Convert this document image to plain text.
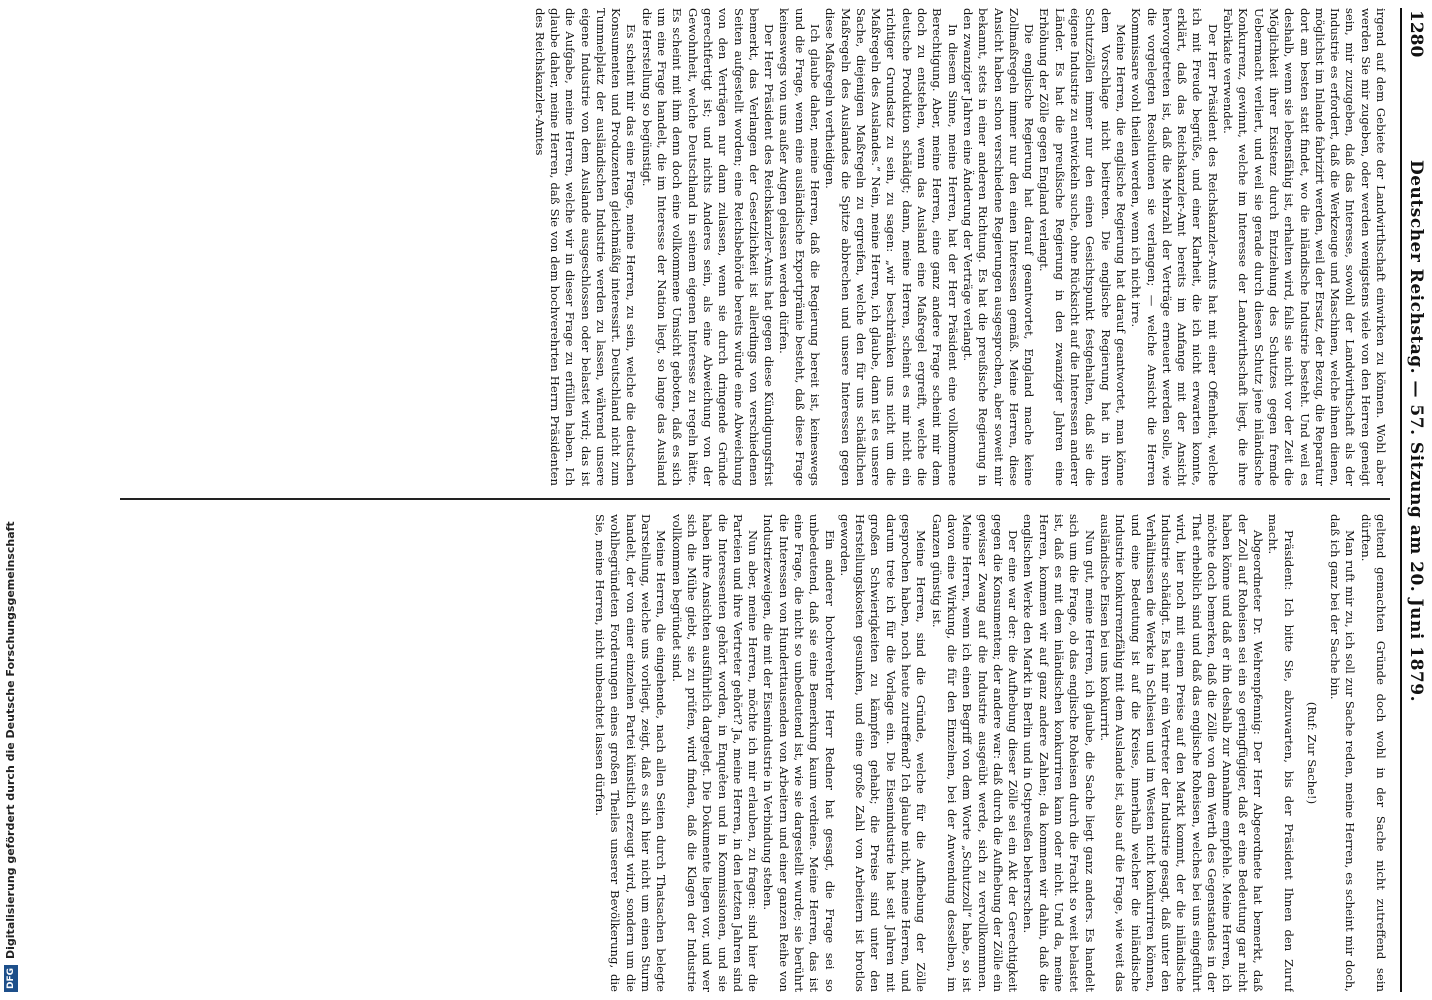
1280
Deutscher Reichstag. — 57. Sitzung am 20. Juni 1879.

irgend auf dem Gebiete der Landwirthschaft einwirken zu können. Wohl aber werden Sie mir zugeben, oder werden wenigstens viele von den Herren geneigt sein, mir zuzugeben, daß das Interesse, sowohl der Landwirthschaft als der Industrie es erfordert, daß die Werkzeuge und Maschinen, welche ihnen dienen, möglichst im Inlande fabrizirt werden, weil der Ersatz, der Bezug, die Reparatur dort am besten statt findet, wo die inländische Industrie besteht. Und weil es deshalb, wenn sie lebensfähig ist, erhalten wird, falls sie nicht vor der Zeit die Möglichkeit ihrer Existenz durch Entziehung des Schutzes gegen fremde Uebermacht verliert, und weil sie gerade durch diesen Schutz jene inländische Konkurrenz, gewinnt, welche im Interesse der Landwirthschaft liegt, die ihre Fabrikate verwendet.

Der Herr Präsident des Reichskanzler-Amts hat mit einer Offenheit, welche ich mit Freude begrüße, und einer Klarheit, die ich nicht erwarten konnte, erklärt, daß das Reichskanzler-Amt bereits im Anfange mit der Ansicht hervorgetreten ist, daß die Mehrzahl der Verträge erneuert werden solle, wie die vorgelegten Resolutionen sie verlangen; — welche Ansicht die Herren Kommissare wohl theilen werden, wenn ich nicht irre.

Meine Herren, die englische Regierung hat darauf geantwortet, man könne dem Vorschlage nicht beitreten. Die englische Regierung hat in ihren Schutzzöllen immer nur den einen Gesichtspunkt festgehalten, daß sie die eigene Industrie zu entwickeln suche, ohne Rücksicht auf die Interessen anderer Länder. Es hat die preußische Regierung in den zwanziger Jahren eine Erhöhung der Zölle gegen England verlangt.

Die englische Regierung hat darauf geantwortet, England mache keine Zollmaßregeln immer nur den einen Interessen gemäß. Meine Herren, diese Ansicht haben schon verschiedene Regierungen ausgesprochen, aber soweit mir bekannt, stets in einer anderen Richtung. Es hat die preußische Regierung in den zwanziger Jahren eine Änderung der Verträge verlangt.

In diesem Sinne, meine Herren, hat der Herr Präsident eine vollkommene Berechtigung. Aber, meine Herren, eine ganz andere Frage scheint mir dem doch zu entstehen, wenn das Ausland eine Maßregel ergreift, welche die deutsche Produktion schädigt; dann, meine Herren, scheint es mir nicht ein richtiger Grundsatz zu sein, zu sagen: „wir beschränken uns nicht um die Maßregeln des Auslandes.“ Nein, meine Herren, ich glaube, dann ist es unsere Sache, diejenigen Maßregeln zu ergreifen, welche den für uns schädlichen Maßregeln des Auslandes die Spitze abbrechen und unsere Interessen gegen diese Maßregeln vertheidigen.

Ich glaube daher, meine Herren, daß die Regierung bereit ist, keineswegs und die Frage, wenn eine ausländische Exportprämie besteht, daß diese Frage keineswegs von uns außer Augen gelassen werden dürfen.

Der Herr Präsident des Reichskanzler-Amts hat gegen diese Kündigungsfrist bemerkt, das Verlangen der Gesetzlichkeit ist allerdings von verschiedenen Seiten aufgestellt worden; eine Reichsbehörde bereits würde eine Abweichung von den Verträgen nur dann zulassen, wenn sie durch dringende Gründe gerechtfertigt ist; und nichts Anderes sein, als eine Abweichung von der Gewohnheit, welche Deutschland in seinem eigenen Interesse zu regeln hätte. Es scheint mit ihm denn doch eine vollkommene Umsicht geboten, daß es sich um eine Frage handelt, die im Interesse der Nation liegt, so lange das Ausland die Herstellung so begünstigt.

Es scheint mir das eine Frage, meine Herren, zu sein, welche die deutschen Konsumenten und Produzenten gleichmäßig interessirt. Deutschland nicht zum Tummelplatz der ausländischen Industrie werden zu lassen, während unsere eigene Industrie von dem Auslande ausgeschlossen oder belastet wird; das ist die Aufgabe, meine Herren, welche wir in dieser Frage zu erfüllen haben. Ich glaube daher, meine Herren, daß Sie von dem hochverehrten Herrn Präsidenten des Reichskanzler-Amtes

geltend gemachten Gründe doch wohl in der Sache nicht zutreffend sein dürften.

Man ruft mir zu, ich soll zur Sache reden, meine Herren, es scheint mir doch, daß ich ganz bei der Sache bin.

(Ruf: Zur Sache!)

Präsident: Ich bitte Sie, abzuwarten, bis der Präsident Ihnen den Zuruf macht.

Abgeordneter Dr. Wehrenpfennig: Der Herr Abgeordnete hat bemerkt, daß der Zoll auf Roheisen sei ein so geringfügiger, daß er eine Bedeutung gar nicht haben könne und daß er ihn deshalb zur Annahme empfehle. Meine Herren, ich möchte doch bemerken, daß die Zölle von dem Werth des Gegenstandes in der That erheblich sind und daß das englische Roheisen, welches bei uns eingeführt wird, hier noch mit einem Preise auf den Markt kommt, der die inländische Industrie schädigt. Es hat mir ein Vertreter der Industrie gesagt, daß unter den Verhältnissen die Werke in Schlesien und im Westen nicht konkurriren können, und eine Bedeutung ist auf die Kreise, innerhalb welcher die inländische Industrie konkurrenzfähig mit dem Auslande ist, also auf die Frage, wie weit das ausländische Eisen bei uns konkurrirt.

Nun gut, meine Herren, ich glaube, die Sache liegt ganz anders. Es handelt sich um die Frage, ob das englische Roheisen durch die Fracht so weit belastet ist, daß es mit dem inländischen konkurriren kann oder nicht. Und da, meine Herren, kommen wir auf ganz andere Zahlen; da kommen wir dahin, daß die englischen Werke den Markt in Berlin und in Ostpreußen beherrschen.

Der eine war der: die Aufhebung dieser Zölle sei ein Akt der Gerechtigkeit gegen die Konsumenten; der andere war: daß durch die Aufhebung der Zölle ein gewisser Zwang auf die Industrie ausgeübt werde, sich zu vervollkommnen. Meine Herren, wenn ich einen Begriff von dem Worte „Schutzzoll“ habe, so ist davon eine Wirkung, die für den Einzelnen, bei der Anwendung desselben, im Ganzen günstig ist.

Meine Herren, sind die Gründe, welche für die Aufhebung der Zölle gesprochen haben, noch heute zutreffend? Ich glaube nicht, meine Herren, und darum trete ich für die Vorlage ein. Die Eisenindustrie hat seit Jahren mit großen Schwierigkeiten zu kämpfen gehabt; die Preise sind unter den Herstellungskosten gesunken, und eine große Zahl von Arbeitern ist brotlos geworden.

Ein anderer hochverehrter Herr Redner hat gesagt, die Frage sei so unbedeutend, daß sie eine Bemerkung kaum verdiene. Meine Herren, das ist eine Frage, die nicht so unbedeutend ist, wie sie dargestellt wurde; sie berührt die Interessen von Hunderttausenden von Arbeitern und einer ganzen Reihe von Industriezweigen, die mit der Eisenindustrie in Verbindung stehen.

Nun aber, meine Herren, möchte ich mir erlauben, zu fragen: sind hier die Parteien und ihre Vertreter gehört? Ja, meine Herren, in den letzten Jahren sind die Interessenten gehört worden, in Enquêten und in Kommissionen, und sie haben ihre Ansichten ausführlich dargelegt. Die Dokumente liegen vor, und wer sich die Mühe giebt, sie zu prüfen, wird finden, daß die Klagen der Industrie vollkommen begründet sind.

Meine Herren, die eingehende, nach allen Seiten durch Thatsachen belegte Darstellung, welche uns vorliegt, zeigt, daß es sich hier nicht um einen Sturm handelt, der von einer einzelnen Partei künstlich erzeugt wird, sondern um die wohlbegründeten Forderungen eines großen Theiles unserer Bevölkerung, die Sie, meine Herren, nicht unbeachtet lassen dürfen.

DFGDigitalisierung gefördert durch die Deutsche Forschungsgemeinschaft
